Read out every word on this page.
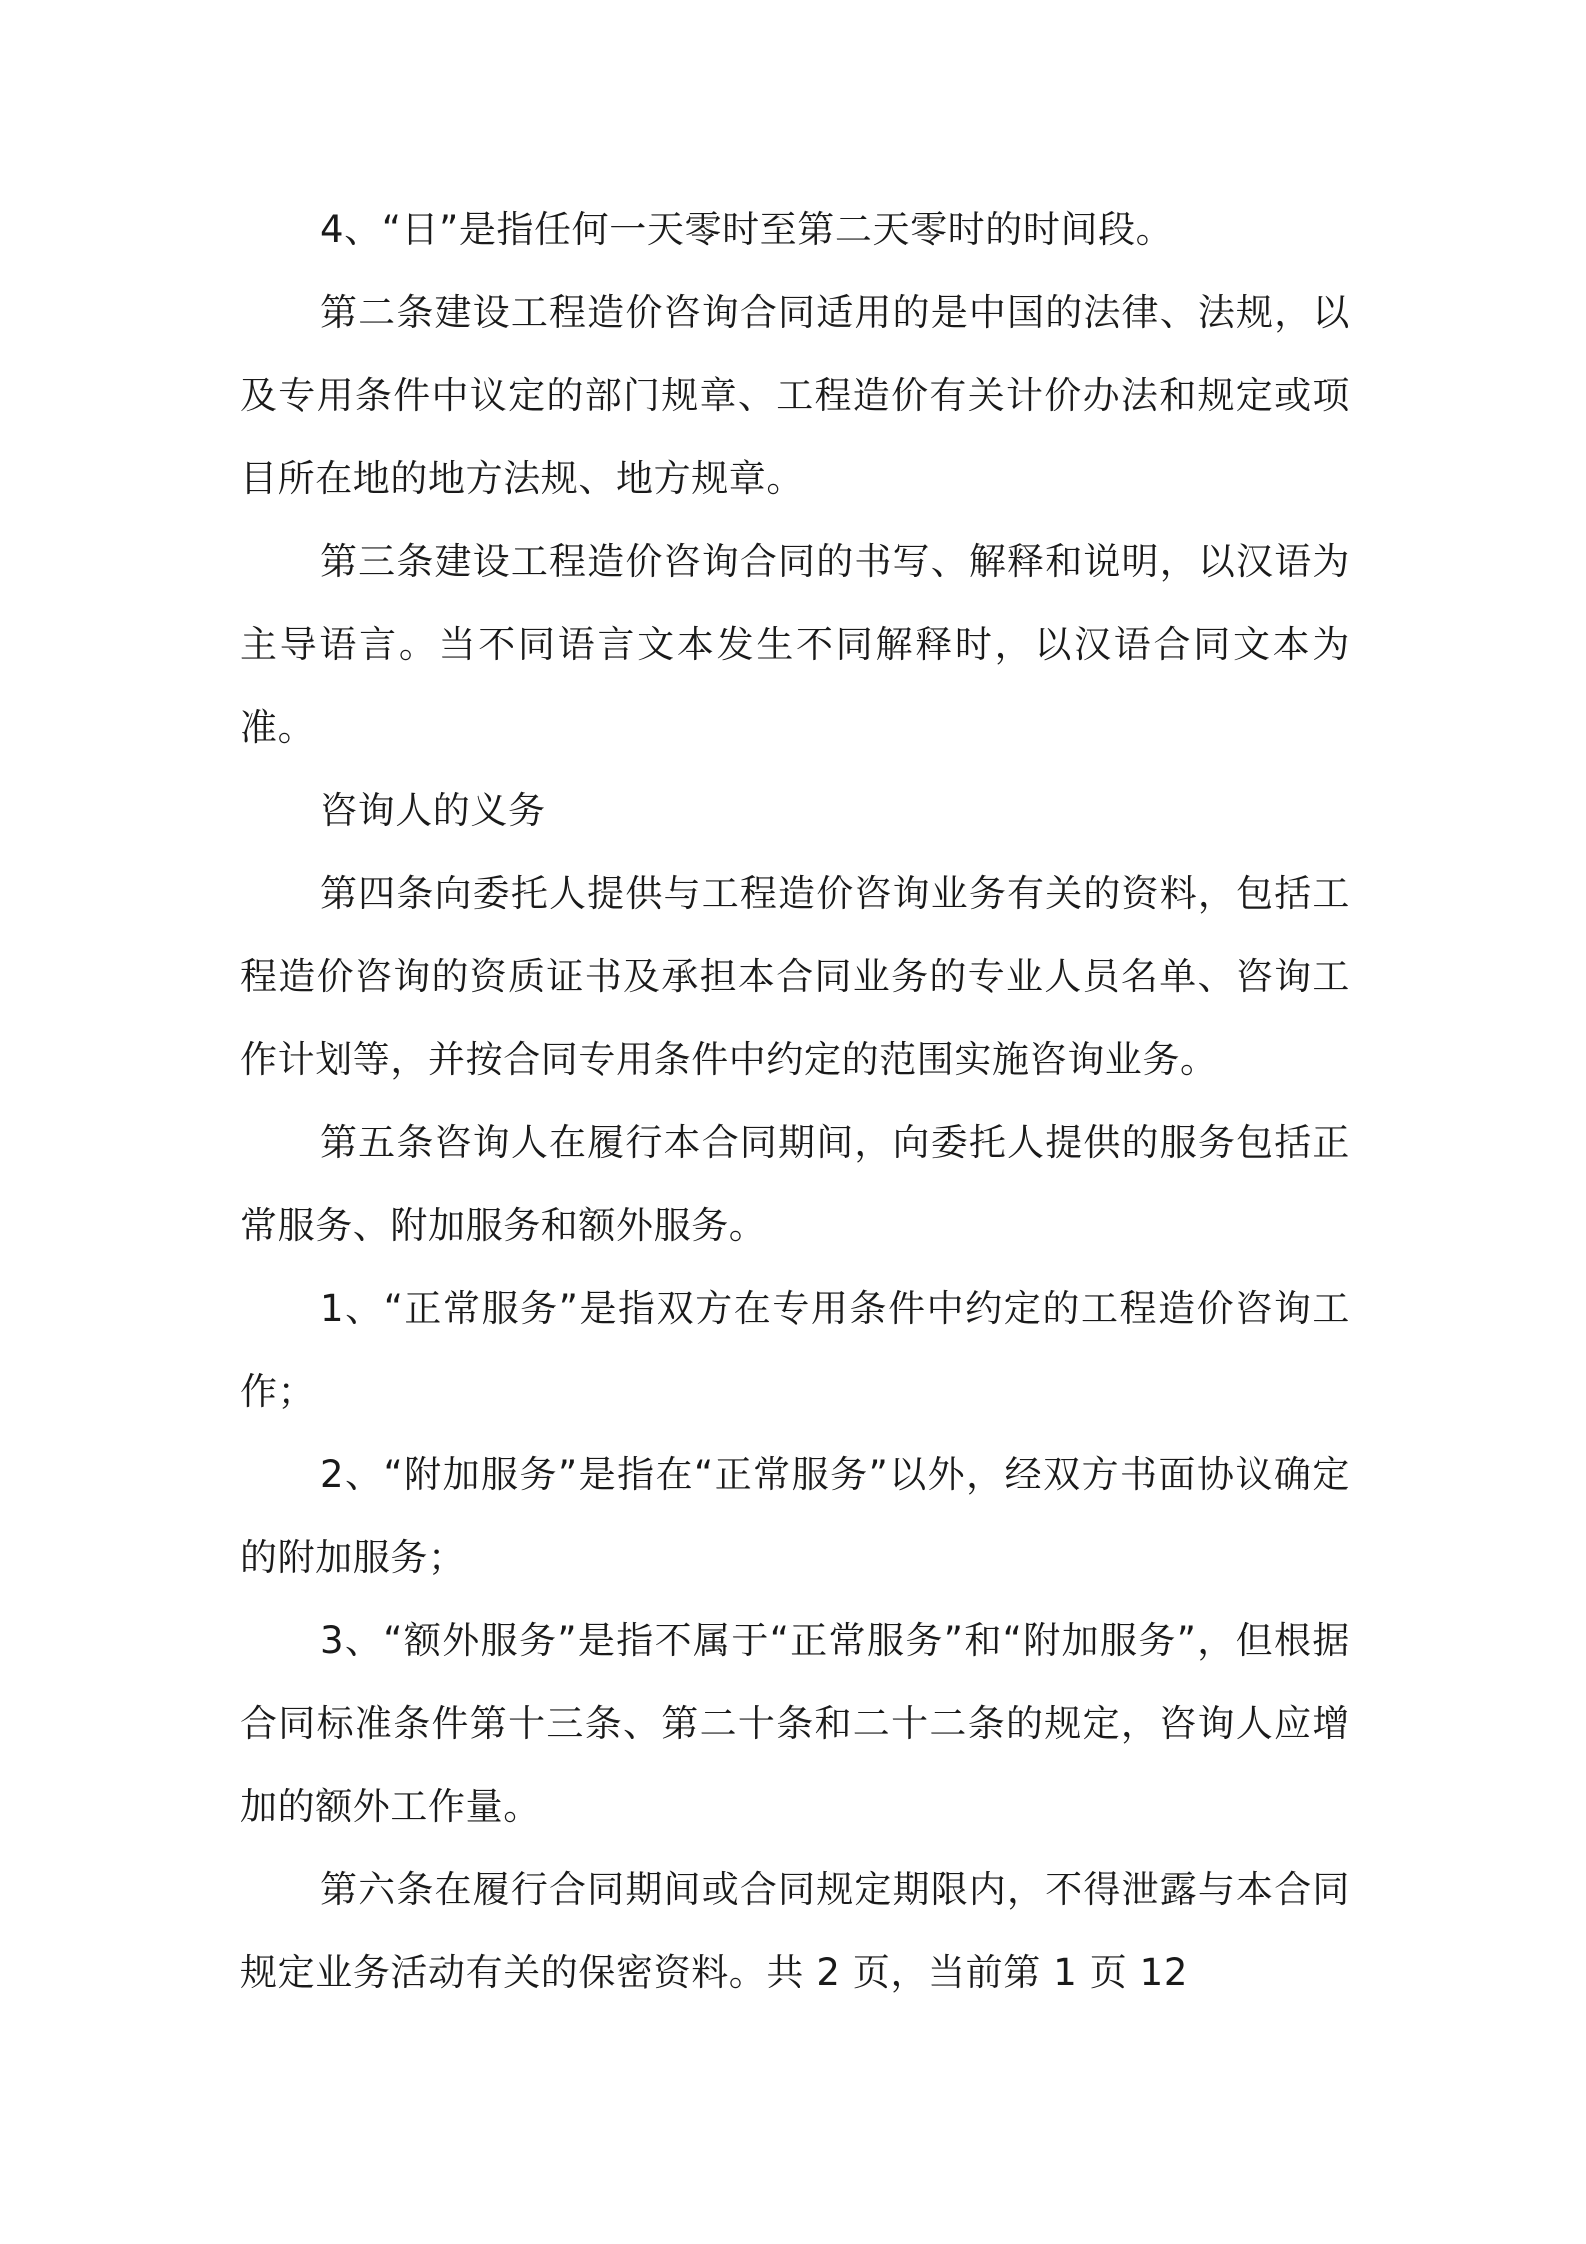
4、“日”是指任何一天零时至第二天零时的时间段。

第二条建设工程造价咨询合同适用的是中国的法律、法规，以及专用条件中议定的部门规章、工程造价有关计价办法和规定或项目所在地的地方法规、地方规章。

第三条建设工程造价咨询合同的书写、解释和说明，以汉语为主导语言。当不同语言文本发生不同解释时，以汉语合同文本为准。

咨询人的义务

第四条向委托人提供与工程造价咨询业务有关的资料，包括工程造价咨询的资质证书及承担本合同业务的专业人员名单、咨询工作计划等，并按合同专用条件中约定的范围实施咨询业务。

第五条咨询人在履行本合同期间，向委托人提供的服务包括正常服务、附加服务和额外服务。

1、“正常服务”是指双方在专用条件中约定的工程造价咨询工作；

2、“附加服务”是指在“正常服务”以外，经双方书面协议确定的附加服务；

3、“额外服务”是指不属于“正常服务”和“附加服务”，但根据合同标准条件第十三条、第二十条和二十二条的规定，咨询人应增加的额外工作量。

第六条在履行合同期间或合同规定期限内，不得泄露与本合同规定业务活动有关的保密资料。共 2 页，当前第 1 页 12
